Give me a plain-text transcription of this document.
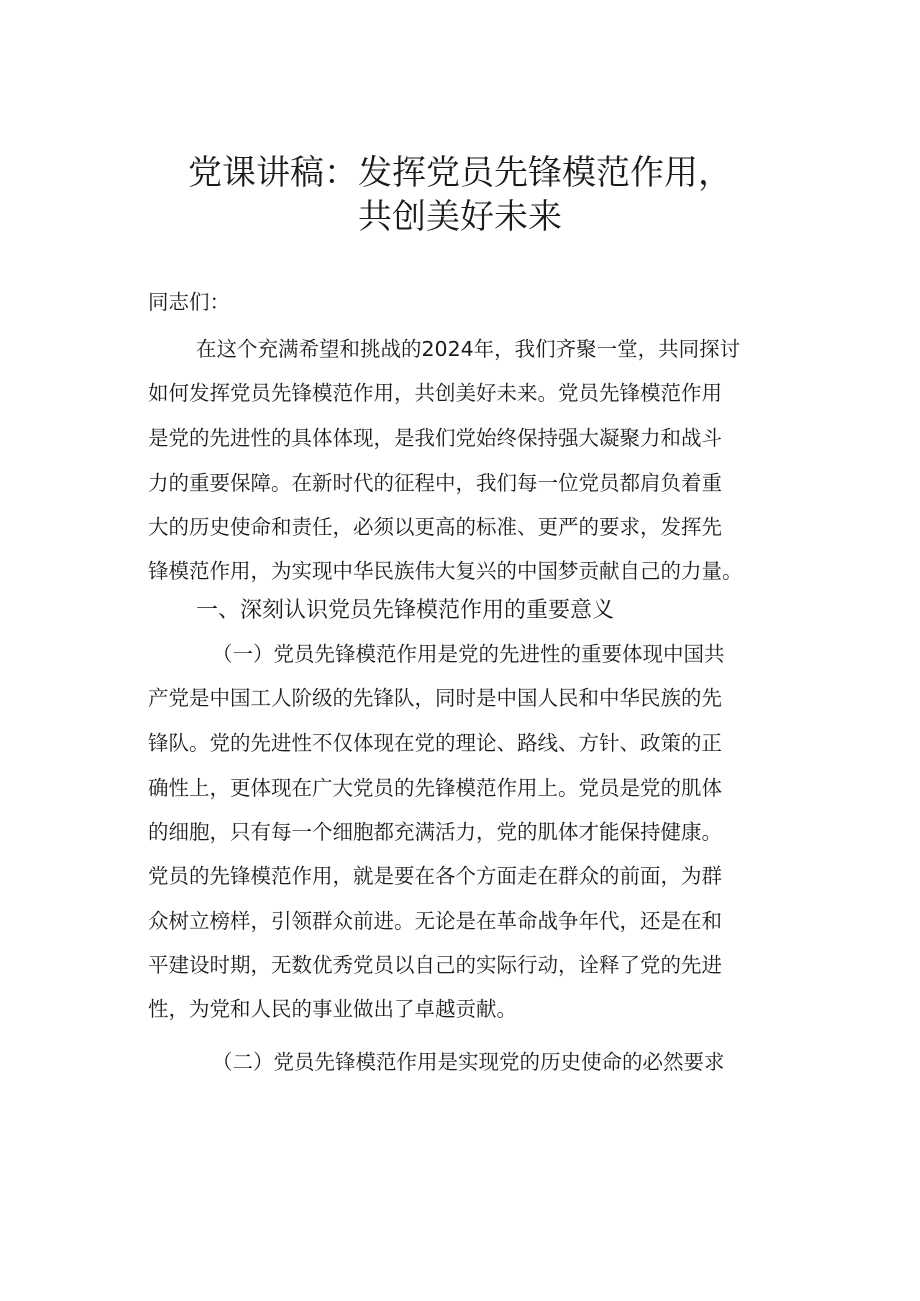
党课讲稿：发挥党员先锋模范作用，
共创美好未来

同志们：

在这个充满希望和挑战的2024年，我们齐聚一堂，共同探讨

如何发挥党员先锋模范作用，共创美好未来。党员先锋模范作用

是党的先进性的具体体现，是我们党始终保持强大凝聚力和战斗

力的重要保障。在新时代的征程中，我们每一位党员都肩负着重

大的历史使命和责任，必须以更高的标准、更严的要求，发挥先

锋模范作用，为实现中华民族伟大复兴的中国梦贡献自己的力量。

一、深刻认识党员先锋模范作用的重要意义

（一）党员先锋模范作用是党的先进性的重要体现中国共

产党是中国工人阶级的先锋队，同时是中国人民和中华民族的先

锋队。党的先进性不仅体现在党的理论、路线、方针、政策的正

确性上，更体现在广大党员的先锋模范作用上。党员是党的肌体

的细胞，只有每一个细胞都充满活力，党的肌体才能保持健康。

党员的先锋模范作用，就是要在各个方面走在群众的前面，为群

众树立榜样，引领群众前进。无论是在革命战争年代，还是在和

平建设时期，无数优秀党员以自己的实际行动，诠释了党的先进

性，为党和人民的事业做出了卓越贡献。

（二）党员先锋模范作用是实现党的历史使命的必然要求
